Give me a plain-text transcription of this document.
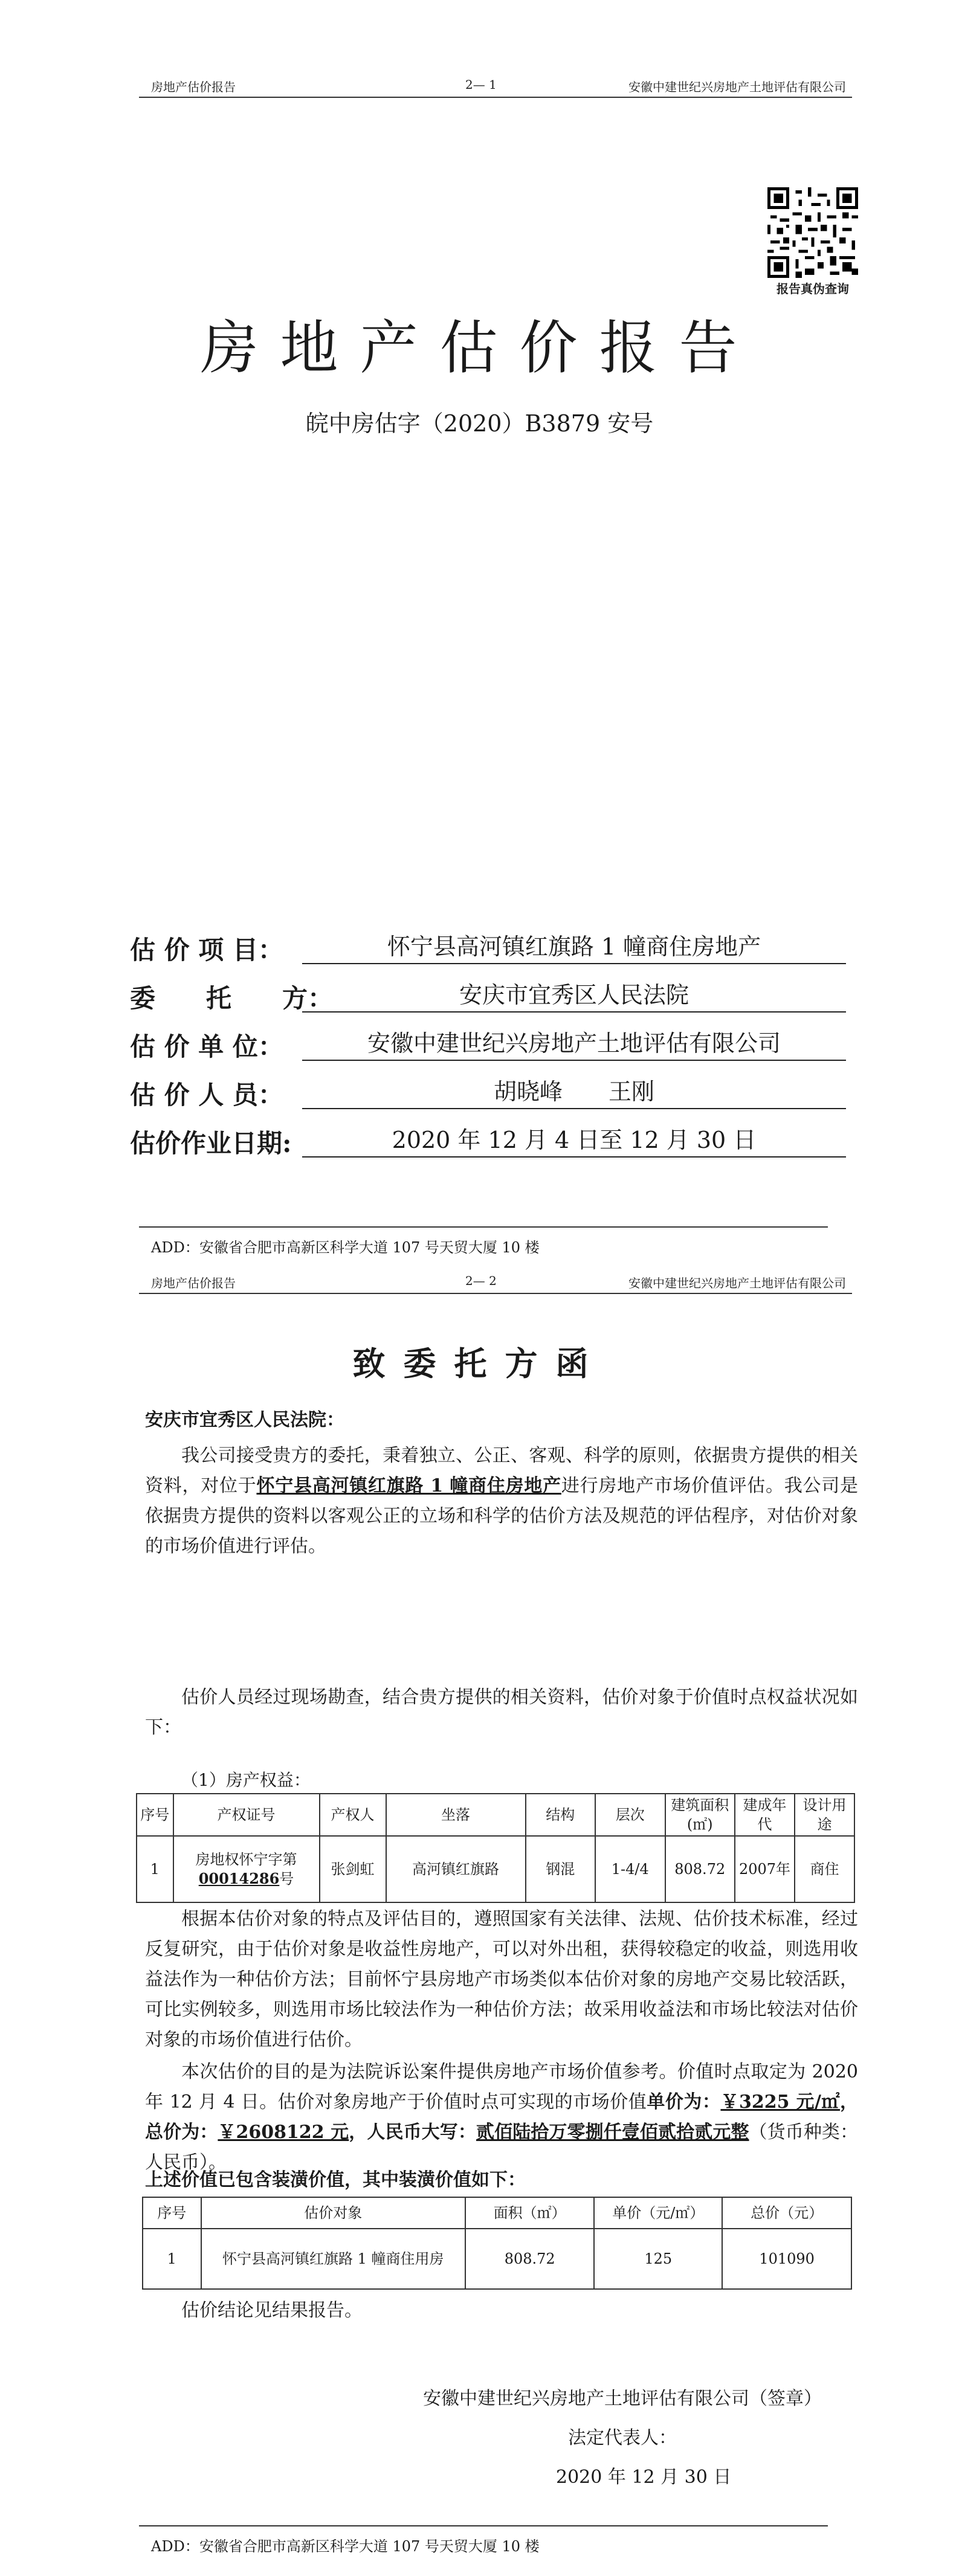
房地产估价报告	2— 1	安徽中建世纪兴房地产土地评估有限公司
报告真伪查询
房地产估价报告
皖中房估字（2020）B3879 安号
估 价 项 目：	怀宁县高河镇红旗路 1 幢商住房地产
委　　托　　方：	安庆市宜秀区人民法院
估 价 单 位：	安徽中建世纪兴房地产土地评估有限公司
估 价 人 员：	胡晓峰　　王刚
估价作业日期:	2020 年 12 月 4 日至 12 月 30 日
ADD：安徽省合肥市高新区科学大道 107 号天贸大厦 10 楼
房地产估价报告	2— 2	安徽中建世纪兴房地产土地评估有限公司
致委托方函
安庆市宜秀区人民法院：

我公司接受贵方的委托，秉着独立、公正、客观、科学的原则，依据贵方提供的相关资料，对位于怀宁县高河镇红旗路 1 幢商住房地产进行房地产市场价值评估。我公司是依据贵方提供的资料以客观公正的立场和科学的估价方法及规范的评估程序，对估价对象的市场价值进行评估。

估价人员经过现场勘查，结合贵方提供的相关资料，估价对象于价值时点权益状况如下：

（1）房产权益：
序号	产权证号	产权人	坐落	结构	层次	建筑面积(㎡)	建成年代	设计用途
1	房地权怀宁字第
00014286号	张剑虹	高河镇红旗路	钢混	1-4/4	808.72	2007年	商住

根据本估价对象的特点及评估目的，遵照国家有关法律、法规、估价技术标准，经过反复研究，由于估价对象是收益性房地产，可以对外出租，获得较稳定的收益，则选用收益法作为一种估价方法；目前怀宁县房地产市场类似本估价对象的房地产交易比较活跃，可比实例较多，则选用市场比较法作为一种估价方法；故采用收益法和市场比较法对估价对象的市场价值进行估价。

本次估价的目的是为法院诉讼案件提供房地产市场价值参考。价值时点取定为 2020 年 12 月 4 日。估价对象房地产于价值时点可实现的市场价值单价为：￥3225 元/㎡，总价为：￥2608122 元，人民币大写：贰佰陆拾万零捌仟壹佰贰拾贰元整（货币种类：人民币）。

上述价值已包含装潢价值，其中装潢价值如下：
序号	估价对象	面积（㎡）	单价（元/㎡）	总价（元）
1	怀宁县高河镇红旗路 1 幢商住用房	808.72	125	101090

估价结论见结果报告。

安徽中建世纪兴房地产土地评估有限公司（签章）
法定代表人：
2020 年 12 月 30 日
ADD：安徽省合肥市高新区科学大道 107 号天贸大厦 10 楼
